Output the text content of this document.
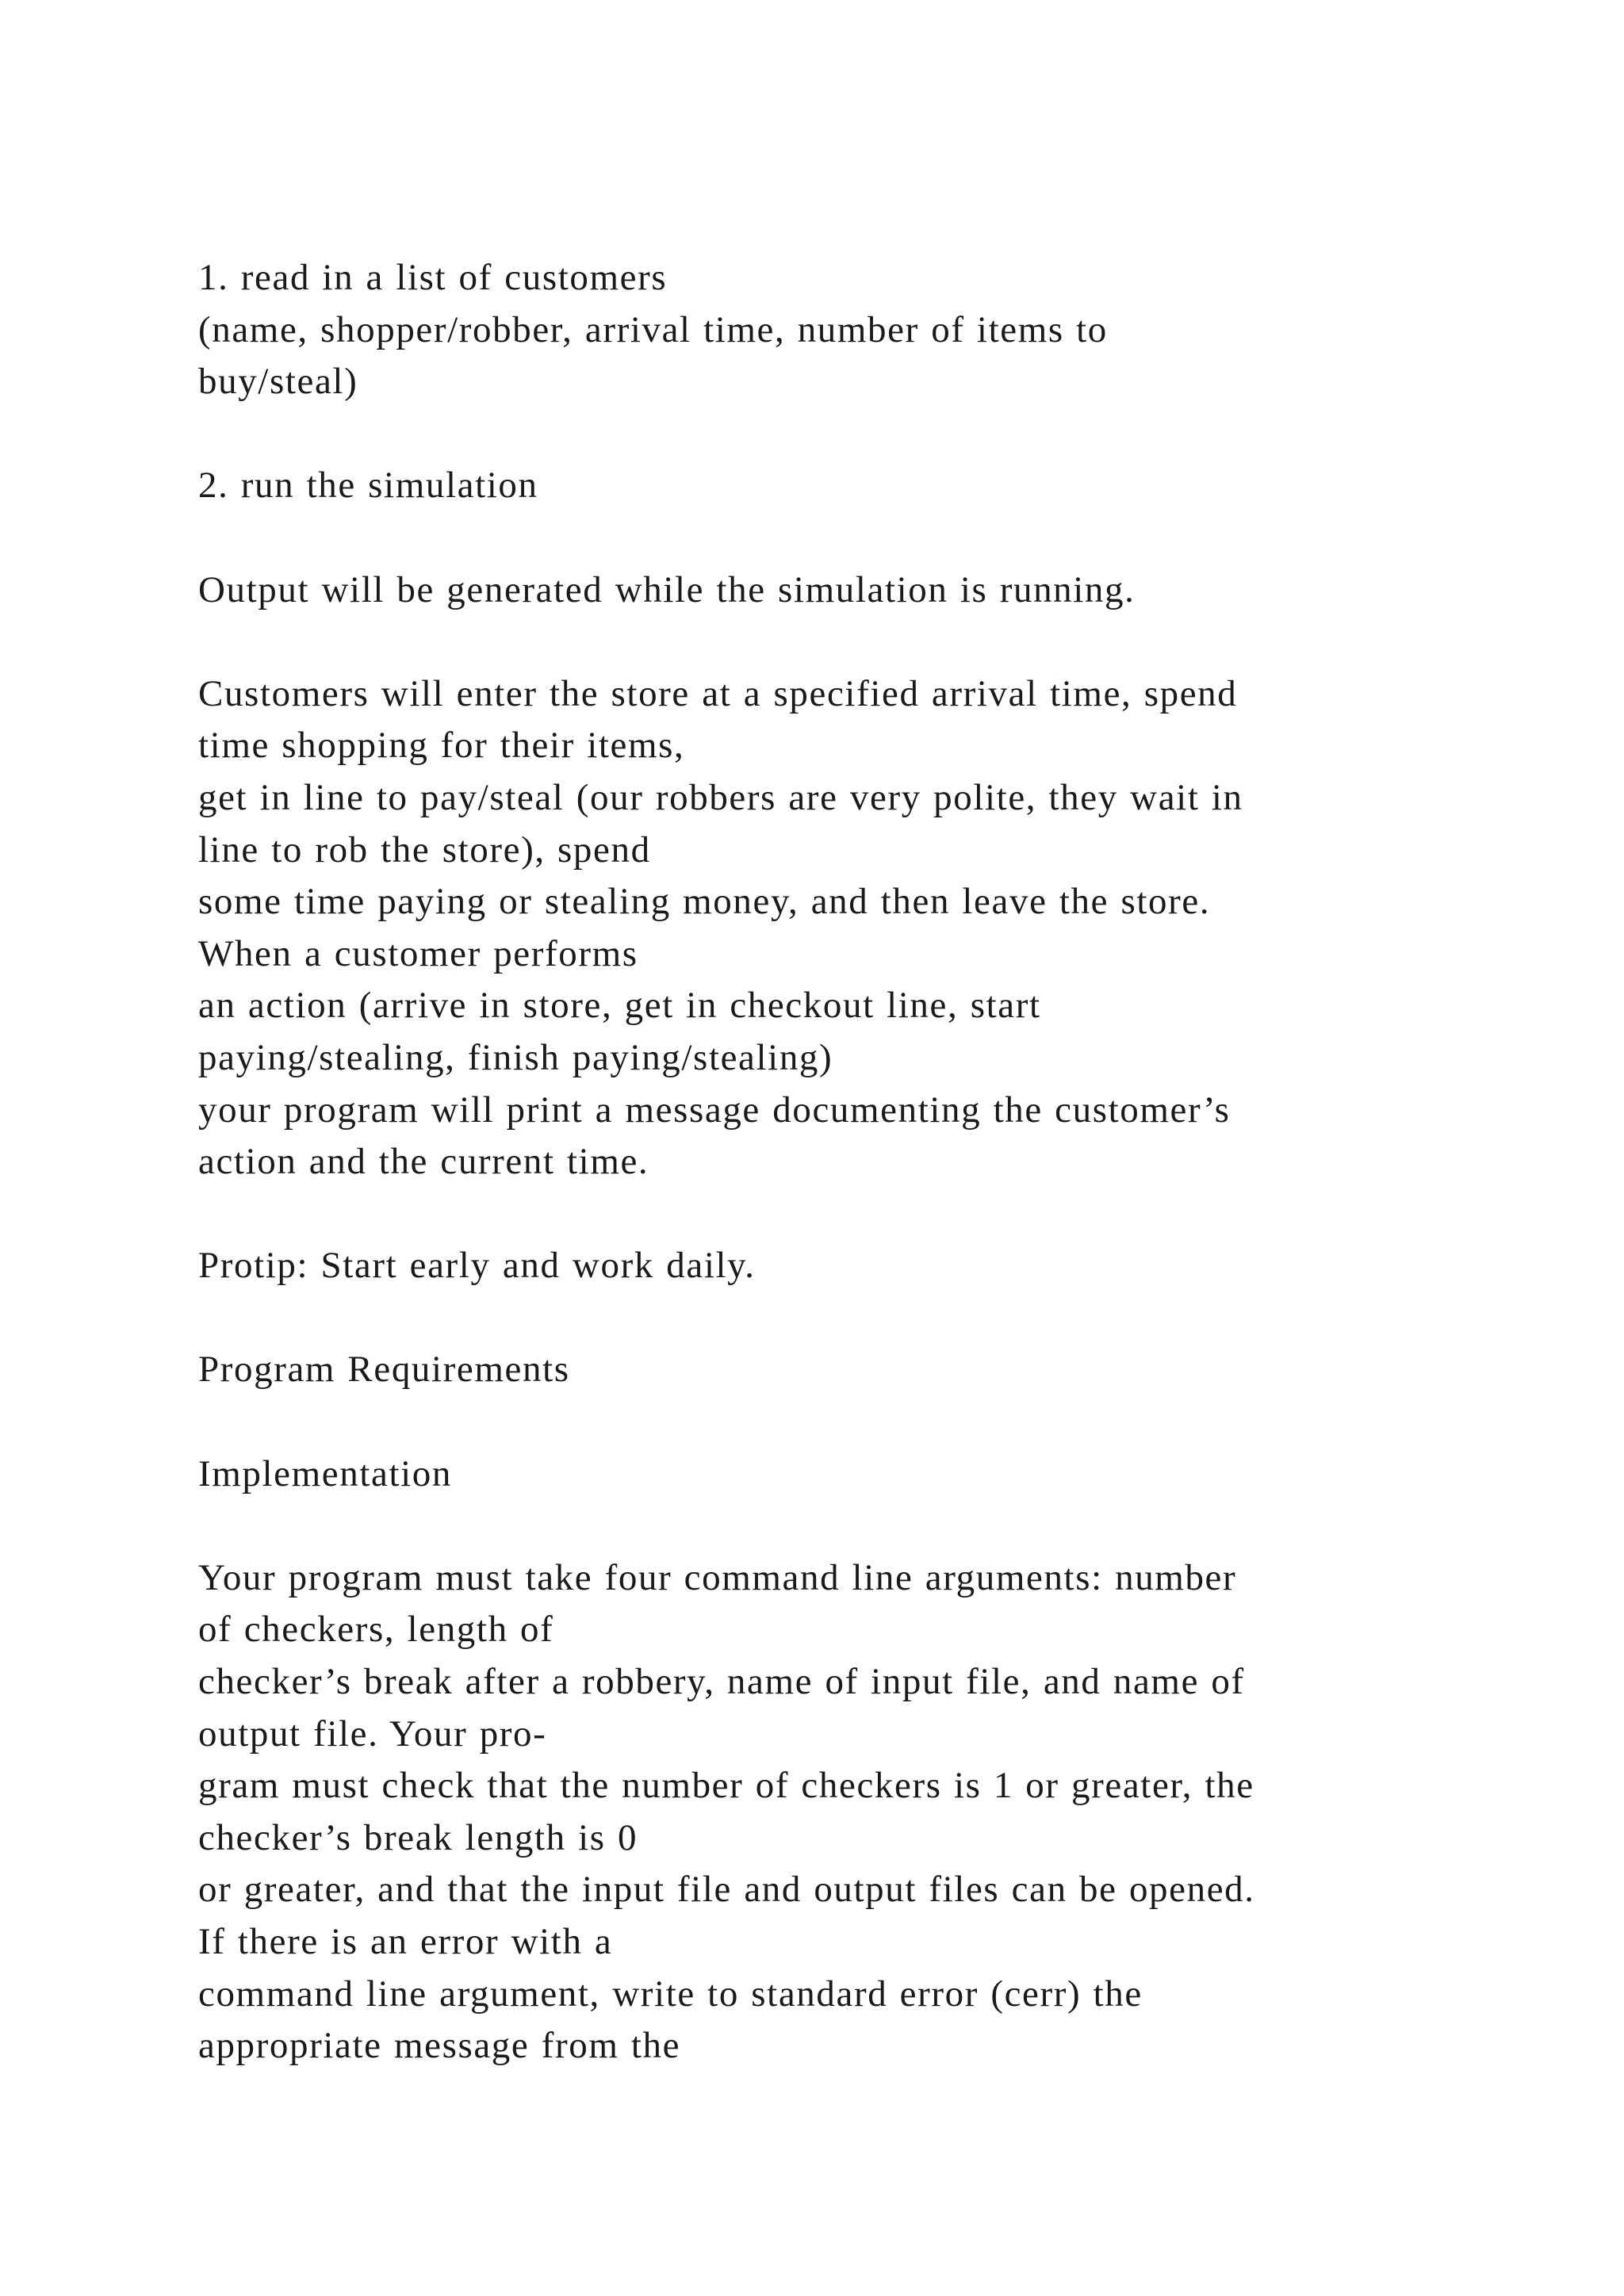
1. read in a list of customers
(name, shopper/robber, arrival time, number of items to
buy/steal)
2. run the simulation
Output will be generated while the simulation is running.
Customers will enter the store at a specified arrival time, spend
time shopping for their items,
get in line to pay/steal (our robbers are very polite, they wait in
line to rob the store), spend
some time paying or stealing money, and then leave the store.
When a customer performs
an action (arrive in store, get in checkout line, start
paying/stealing, finish paying/stealing)
your program will print a message documenting the customer’s
action and the current time.
Protip: Start early and work daily.
Program Requirements
Implementation
Your program must take four command line arguments: number
of checkers, length of
checker’s break after a robbery, name of input file, and name of
output file. Your pro-
gram must check that the number of checkers is 1 or greater, the
checker’s break length is 0
or greater, and that the input file and output files can be opened.
If there is an error with a
command line argument, write to standard error (cerr) the
appropriate message from the
